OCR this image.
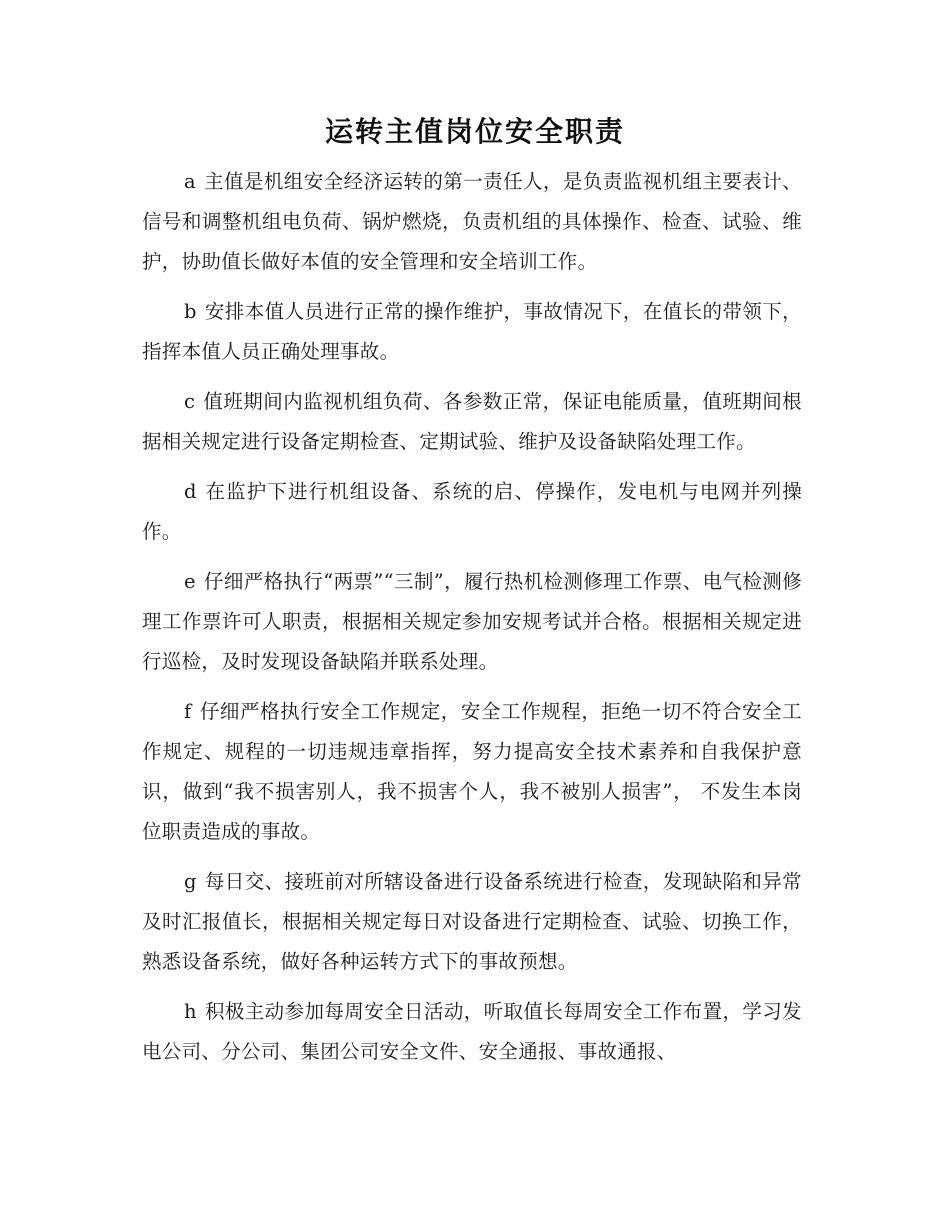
运转主值岗位安全职责

a 主值是机组安全经济运转的第一责任人，是负责监视机组主要表计、信号和调整机组电负荷、锅炉燃烧，负责机组的具体操作、检查、试验、维护，协助值长做好本值的安全管理和安全培训工作。

b 安排本值人员进行正常的操作维护，事故情况下，在值长的带领下，指挥本值人员正确处理事故。

c 值班期间内监视机组负荷、各参数正常，保证电能质量，值班期间根据相关规定进行设备定期检查、定期试验、维护及设备缺陷处理工作。

d 在监护下进行机组设备、系统的启、停操作，发电机与电网并列操作。

e 仔细严格执行“两票”“三制”，履行热机检测修理工作票、电气检测修理工作票许可人职责，根据相关规定参加安规考试并合格。根据相关规定进行巡检，及时发现设备缺陷并联系处理。

f 仔细严格执行安全工作规定，安全工作规程，拒绝一切不符合安全工作规定、规程的一切违规违章指挥，努力提高安全技术素养和自我保护意识，做到“我不损害别人，我不损害个人，我不被别人损害”， 不发生本岗位职责造成的事故。

g 每日交、接班前对所辖设备进行设备系统进行检查，发现缺陷和异常及时汇报值长，根据相关规定每日对设备进行定期检查、试验、切换工作，熟悉设备系统，做好各种运转方式下的事故预想。

h 积极主动参加每周安全日活动，听取值长每周安全工作布置，学习发电公司、分公司、集团公司安全文件、安全通报、事故通报、
